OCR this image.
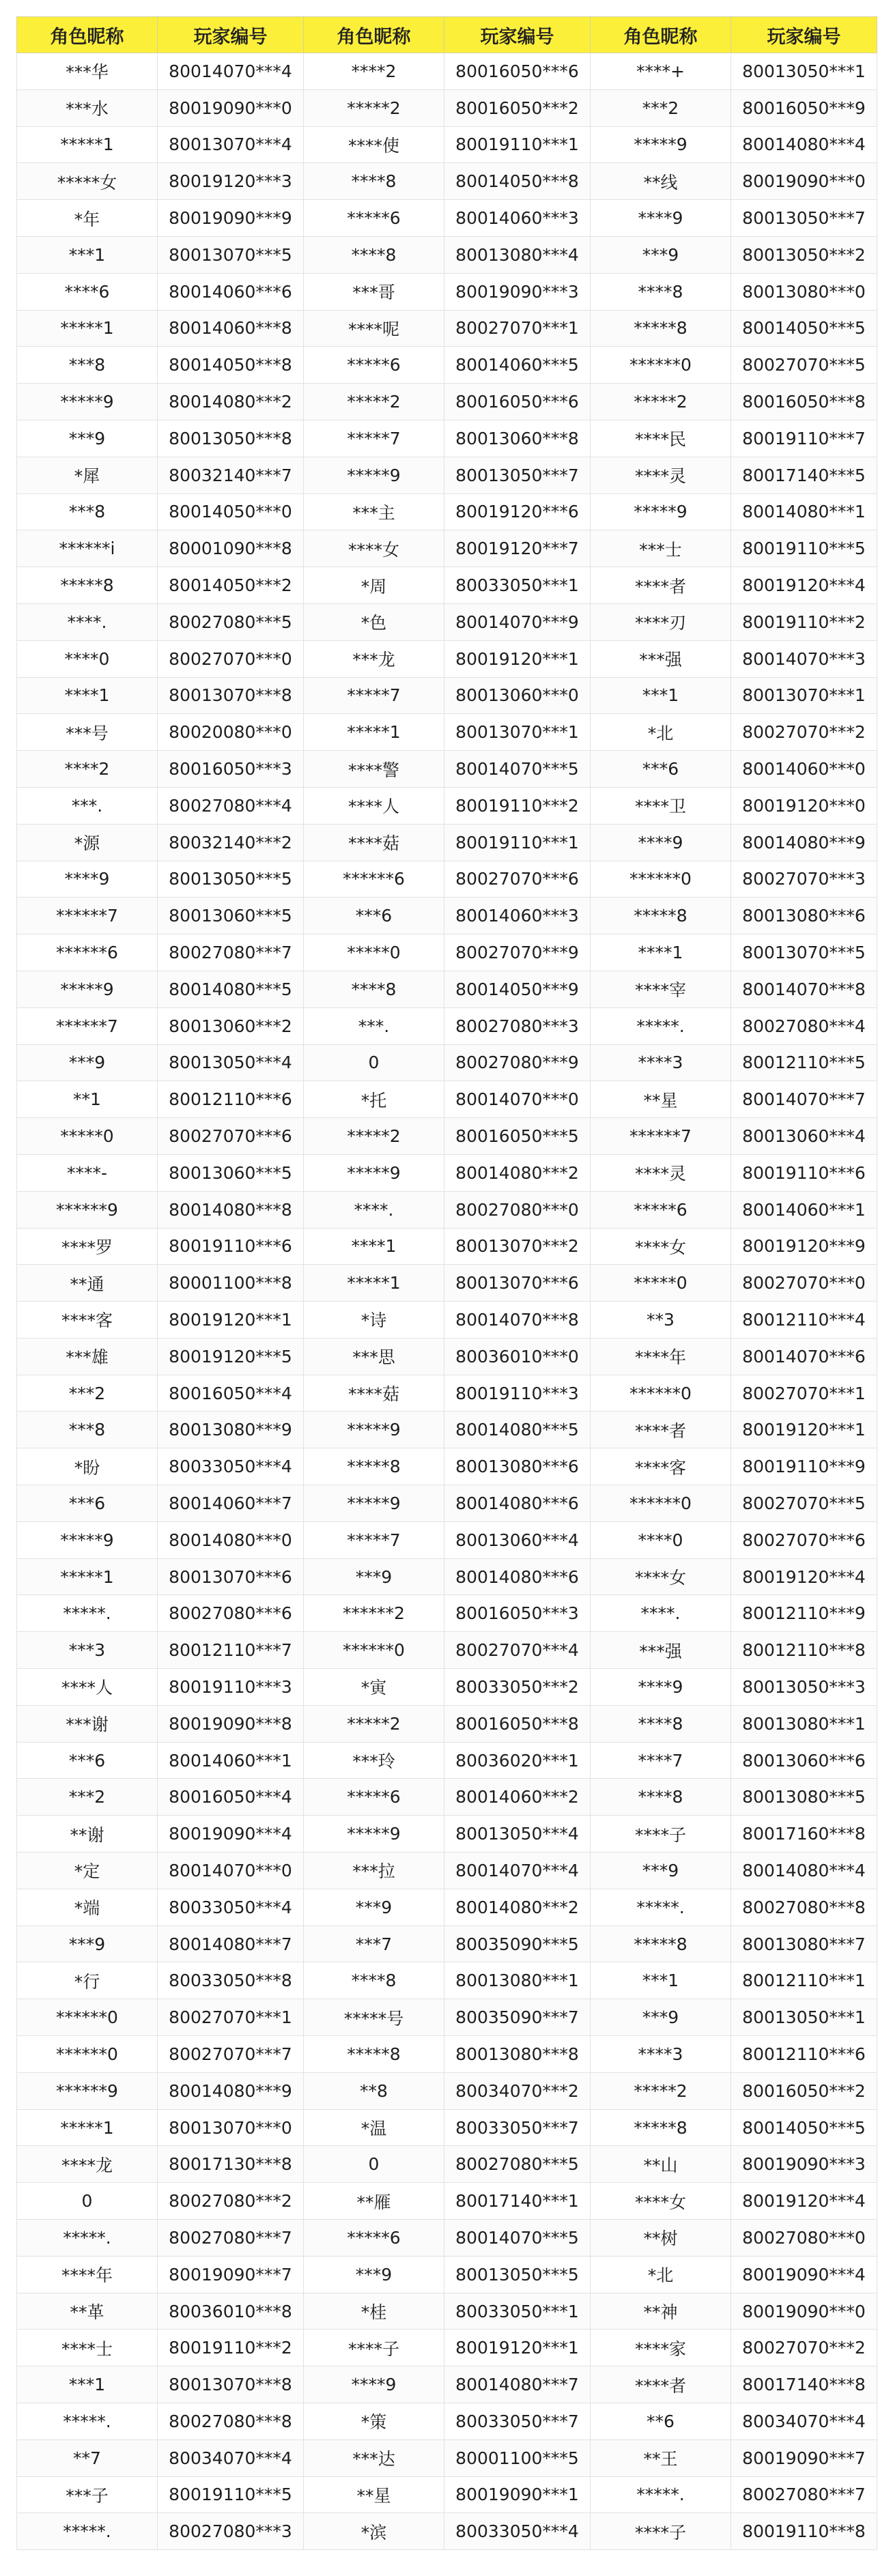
角色昵称	玩家编号	角色昵称	玩家编号	角色昵称	玩家编号
***华	80014070***4	****2	80016050***6	****+	80013050***1
***水	80019090***0	*****2	80016050***2	***2	80016050***9
*****1	80013070***4	****使	80019110***1	*****9	80014080***4
*****女	80019120***3	****8	80014050***8	**线	80019090***0
*年	80019090***9	*****6	80014060***3	****9	80013050***7
***1	80013070***5	****8	80013080***4	***9	80013050***2
****6	80014060***6	***哥	80019090***3	****8	80013080***0
*****1	80014060***8	****呢	80027070***1	*****8	80014050***5
***8	80014050***8	*****6	80014060***5	******0	80027070***5
*****9	80014080***2	*****2	80016050***6	*****2	80016050***8
***9	80013050***8	*****7	80013060***8	****民	80019110***7
*犀	80032140***7	*****9	80013050***7	****灵	80017140***5
***8	80014050***0	***主	80019120***6	*****9	80014080***1
******i	80001090***8	****女	80019120***7	***士	80019110***5
*****8	80014050***2	*周	80033050***1	****者	80019120***4
****.	80027080***5	*色	80014070***9	****刃	80019110***2
****0	80027070***0	***龙	80019120***1	***强	80014070***3
****1	80013070***8	*****7	80013060***0	***1	80013070***1
***号	80020080***0	*****1	80013070***1	*北	80027070***2
****2	80016050***3	****警	80014070***5	***6	80014060***0
***.	80027080***4	****人	80019110***2	****卫	80019120***0
*源	80032140***2	****菇	80019110***1	****9	80014080***9
****9	80013050***5	******6	80027070***6	******0	80027070***3
******7	80013060***5	***6	80014060***3	*****8	80013080***6
******6	80027080***7	*****0	80027070***9	****1	80013070***5
*****9	80014080***5	****8	80014050***9	****宰	80014070***8
******7	80013060***2	***.	80027080***3	*****.	80027080***4
***9	80013050***4	0	80027080***9	****3	80012110***5
**1	80012110***6	*托	80014070***0	**星	80014070***7
*****0	80027070***6	*****2	80016050***5	******7	80013060***4
****-	80013060***5	*****9	80014080***2	****灵	80019110***6
******9	80014080***8	****.	80027080***0	*****6	80014060***1
****罗	80019110***6	****1	80013070***2	****女	80019120***9
**通	80001100***8	*****1	80013070***6	*****0	80027070***0
****客	80019120***1	*诗	80014070***8	**3	80012110***4
***雄	80019120***5	***思	80036010***0	****年	80014070***6
***2	80016050***4	****菇	80019110***3	******0	80027070***1
***8	80013080***9	*****9	80014080***5	****者	80019120***1
*盼	80033050***4	*****8	80013080***6	****客	80019110***9
***6	80014060***7	*****9	80014080***6	******0	80027070***5
*****9	80014080***0	*****7	80013060***4	****0	80027070***6
*****1	80013070***6	***9	80014080***6	****女	80019120***4
*****.	80027080***6	******2	80016050***3	****.	80012110***9
***3	80012110***7	******0	80027070***4	***强	80012110***8
****人	80019110***3	*寅	80033050***2	****9	80013050***3
***谢	80019090***8	*****2	80016050***8	****8	80013080***1
***6	80014060***1	***玲	80036020***1	****7	80013060***6
***2	80016050***4	*****6	80014060***2	****8	80013080***5
**谢	80019090***4	*****9	80013050***4	****子	80017160***8
*定	80014070***0	***拉	80014070***4	***9	80014080***4
*端	80033050***4	***9	80014080***2	*****.	80027080***8
***9	80014080***7	***7	80035090***5	*****8	80013080***7
*行	80033050***8	****8	80013080***1	***1	80012110***1
******0	80027070***1	*****号	80035090***7	***9	80013050***1
******0	80027070***7	*****8	80013080***8	****3	80012110***6
******9	80014080***9	**8	80034070***2	*****2	80016050***2
*****1	80013070***0	*温	80033050***7	*****8	80014050***5
****龙	80017130***8	0	80027080***5	**山	80019090***3
0	80027080***2	**雁	80017140***1	****女	80019120***4
*****.	80027080***7	*****6	80014070***5	**树	80027080***0
****年	80019090***7	***9	80013050***5	*北	80019090***4
**革	80036010***8	*桂	80033050***1	**神	80019090***0
****士	80019110***2	****子	80019120***1	****家	80027070***2
***1	80013070***8	****9	80014080***7	****者	80017140***8
*****.	80027080***8	*策	80033050***7	**6	80034070***4
**7	80034070***4	***达	80001100***5	**王	80019090***7
***子	80019110***5	**星	80019090***1	*****.	80027080***7
*****.	80027080***3	*滨	80033050***4	****子	80019110***8
